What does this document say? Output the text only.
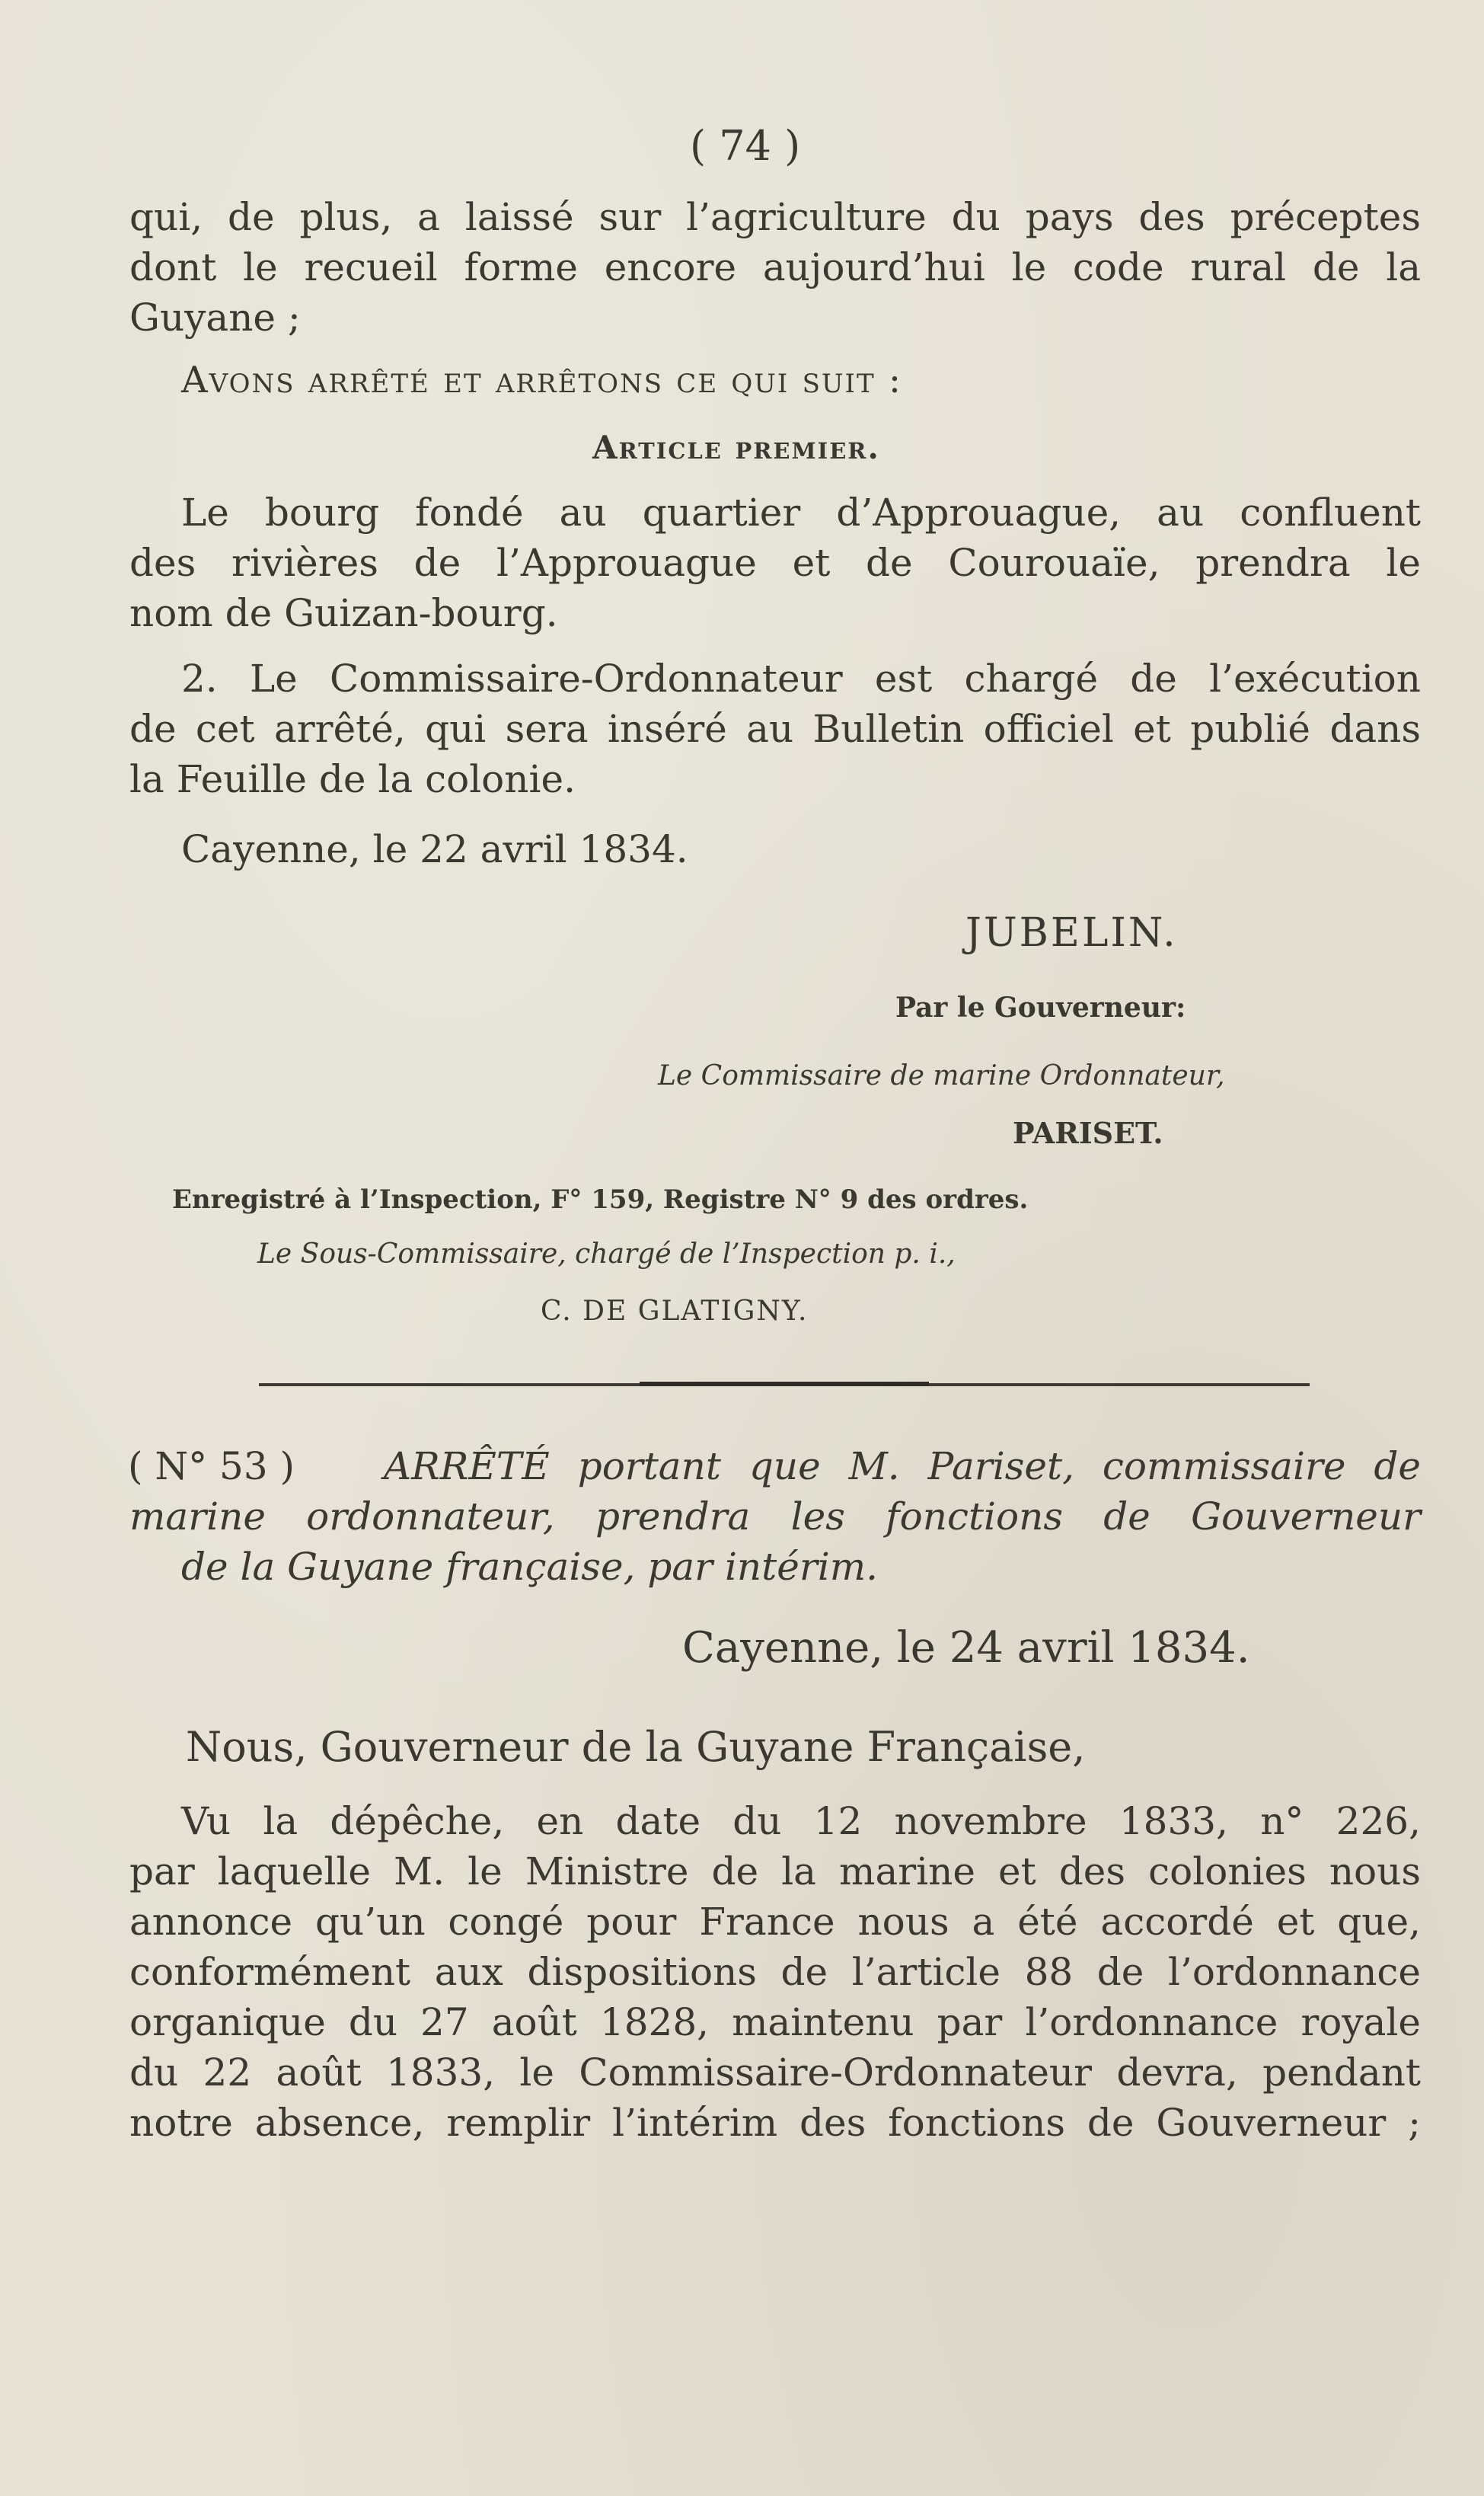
( 74 )
qui, de plus, a laissé sur l’agriculture du pays des préceptes
dont le recueil forme encore aujourd’hui le code rural de la
Guyane ;
Avons arrêté et arrêtons ce qui suit :
Article premier.
Le bourg fondé au quartier d’Approuague, au confluent
des rivières de l’Approuague et de Courouaïe, prendra le
nom de Guizan-bourg.
2. Le Commissaire-Ordonnateur est chargé de l’exécution
de cet arrêté, qui sera inséré au Bulletin officiel et publié dans
la Feuille de la colonie.
Cayenne, le 22 avril 1834.
JUBELIN.
Par le Gouverneur:
Le Commissaire de marine Ordonnateur,
PARISET.
Enregistré à l’Inspection, F° 159, Registre N° 9 des ordres.
Le Sous-Commissaire, chargé de l’Inspection p. i.,
C. DE GLATIGNY.
( N° 53 ) ARRÊTÉ portant que M. Pariset, commissaire de
marine ordonnateur, prendra les fonctions de Gouverneur
de la Guyane française, par intérim.
Cayenne, le 24 avril 1834.
Nous, Gouverneur de la Guyane Française,
Vu la dépêche, en date du 12 novembre 1833, n° 226,
par laquelle M. le Ministre de la marine et des colonies nous
annonce qu’un congé pour France nous a été accordé et que,
conformément aux dispositions de l’article 88 de l’ordonnance
organique du 27 août 1828, maintenu par l’ordonnance royale
du 22 août 1833, le Commissaire-Ordonnateur devra, pendant
notre absence, remplir l’intérim des fonctions de Gouverneur ;
